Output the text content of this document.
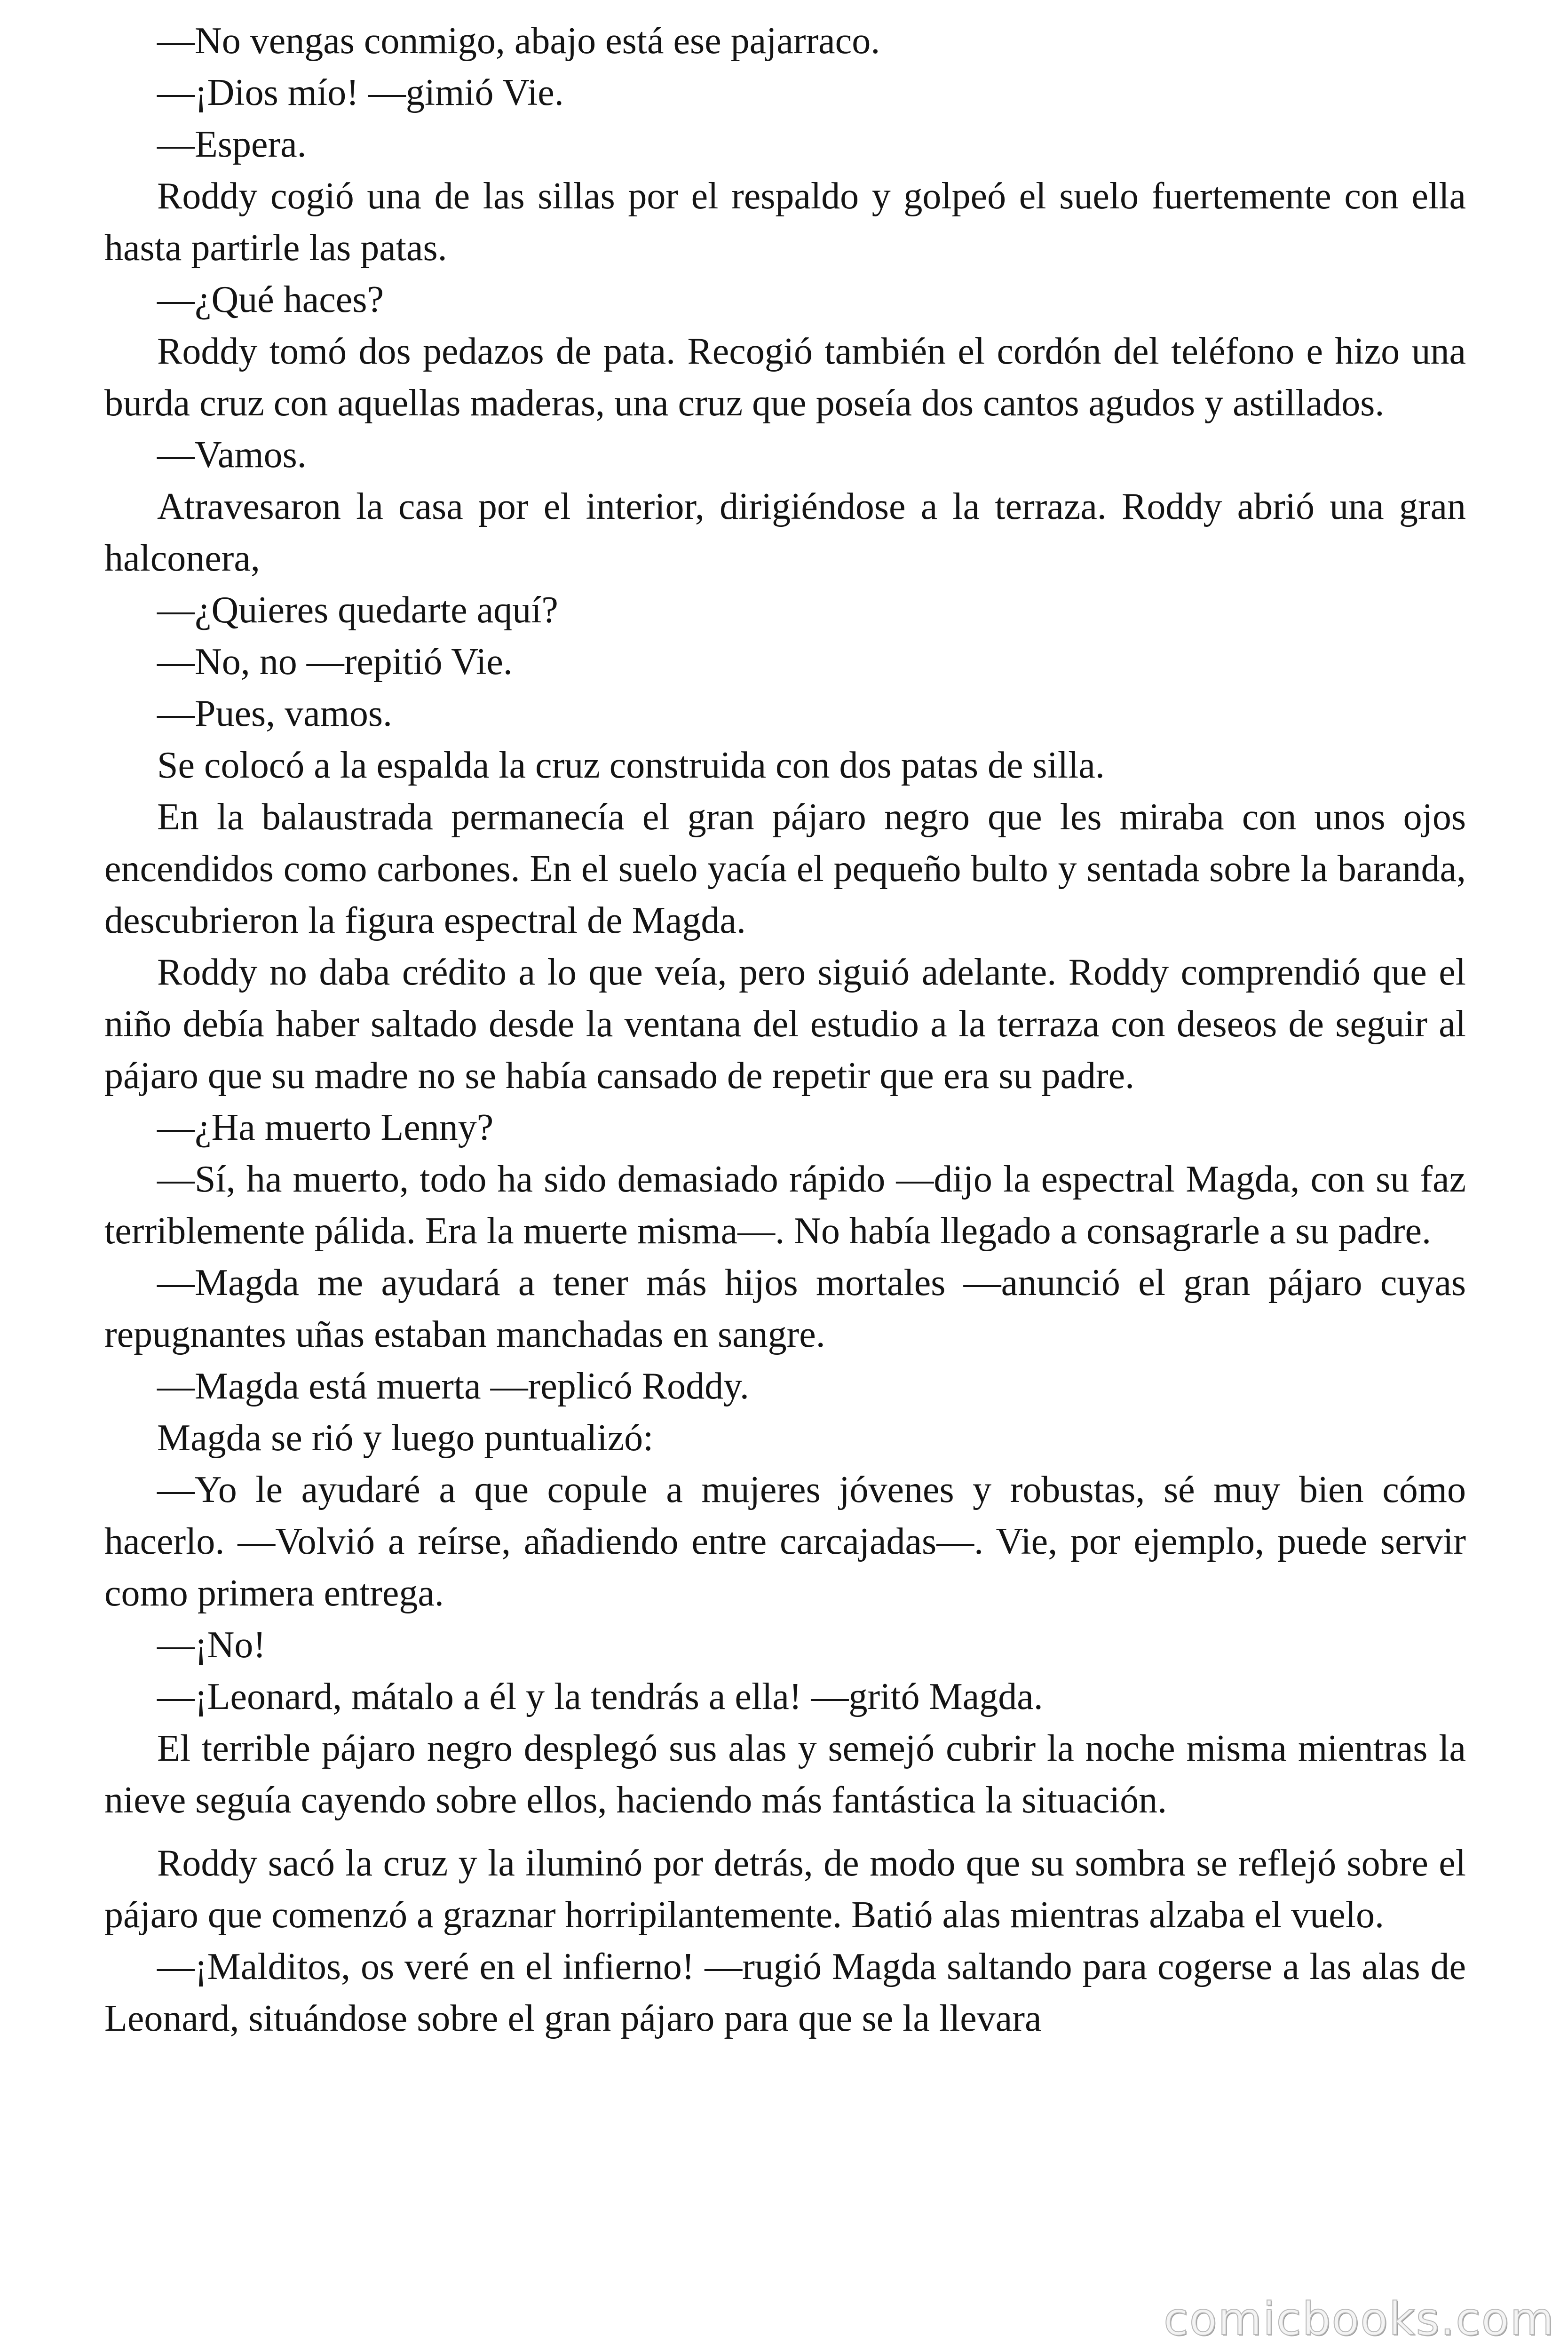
—No vengas conmigo, abajo está ese pajarraco.

—¡Dios mío! —gimió Vie.

—Espera.

Roddy cogió una de las sillas por el respaldo y golpeó el suelo fuertemente con ella hasta partirle las patas.

—¿Qué haces?

Roddy tomó dos pedazos de pata. Recogió también el cordón del teléfono e hizo una burda cruz con aquellas maderas, una cruz que poseía dos cantos agudos y astillados.

—Vamos.

Atravesaron la casa por el interior, dirigiéndose a la terraza. Roddy abrió una gran halconera,

—¿Quieres quedarte aquí?

—No, no —repitió Vie.

—Pues, vamos.

Se colocó a la espalda la cruz construida con dos patas de silla.

En la balaustrada permanecía el gran pájaro negro que les miraba con unos ojos encendidos como carbones. En el suelo yacía el pequeño bulto y sentada sobre la baranda, descubrieron la figura espectral de Magda.

Roddy no daba crédito a lo que veía, pero siguió adelante. Roddy comprendió que el niño debía haber saltado desde la ventana del estudio a la terraza con deseos de seguir al pájaro que su madre no se había cansado de repetir que era su padre.

—¿Ha muerto Lenny?

—Sí, ha muerto, todo ha sido demasiado rápido —dijo la espectral Magda, con su faz terriblemente pálida. Era la muerte misma—. No había llegado a consagrarle a su padre.

—Magda me ayudará a tener más hijos mortales —anunció el gran pájaro cuyas repugnantes uñas estaban manchadas en sangre.

—Magda está muerta —replicó Roddy.

Magda se rió y luego puntualizó:

—Yo le ayudaré a que copule a mujeres jóvenes y robustas, sé muy bien cómo hacerlo. —Volvió a reírse, añadiendo entre carcajadas—. Vie, por ejemplo, puede servir como primera entrega.

—¡No!

—¡Leonard, mátalo a él y la tendrás a ella! —gritó Magda.

El terrible pájaro negro desplegó sus alas y semejó cubrir la noche misma mientras la nieve seguía cayendo sobre ellos, haciendo más fantástica la situación.

Roddy sacó la cruz y la iluminó por detrás, de modo que su sombra se reflejó sobre el pájaro que comenzó a graznar horripilantemente. Batió alas mientras alzaba el vuelo.

—¡Malditos, os veré en el infierno! —rugió Magda saltando para cogerse a las alas de Leonard, situándose sobre el gran pájaro para que se la llevara

comicbooks.com
